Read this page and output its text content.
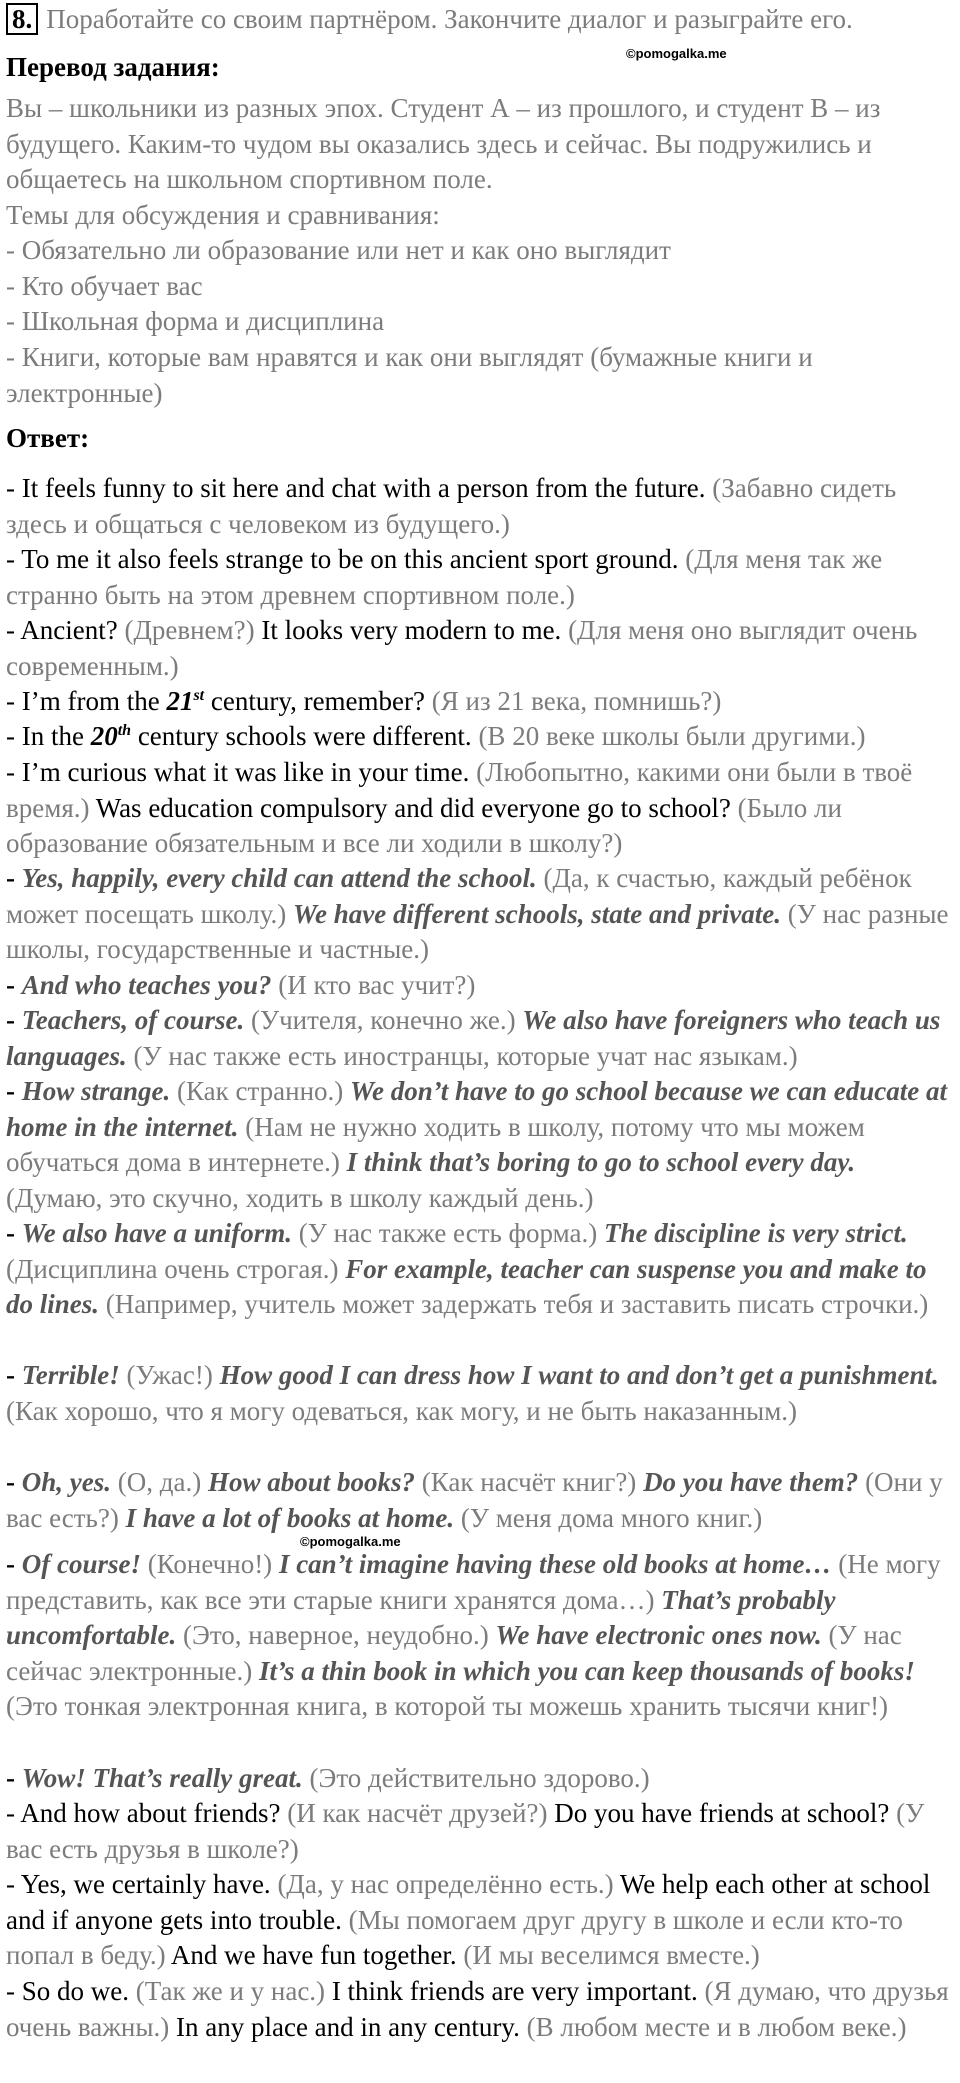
8. Поработайте со своим партнёром. Закончите диалог и разыграйте его.

©pomogalka.me

Перевод задания:

Вы – школьники из разных эпох. Студент А – из прошлого, и студент В – из будущего. Каким-то чудом вы оказались здесь и сейчас. Вы подружились и общаетесь на школьном спортивном поле.

Темы для обсуждения и сравнивания:

- Обязательно ли образование или нет и как оно выглядит

- Кто обучает вас

- Школьная форма и дисциплина

- Книги, которые вам нравятся и как они выглядят (бумажные книги и электронные)

Ответ:

- It feels funny to sit here and chat with a person from the future. (Забавно сидеть здесь и общаться с человеком из будущего.)

- To me it also feels strange to be on this ancient sport ground. (Для меня так же странно быть на этом древнем спортивном поле.)

- Ancient? (Древнем?) It looks very modern to me. (Для меня оно выглядит очень современным.)

- I’m from the 21st century, remember? (Я из 21 века, помнишь?)

- In the 20th century schools were different. (В 20 веке школы были другими.)

- I’m curious what it was like in your time. (Любопытно, какими они были в твоё время.) Was education compulsory and did everyone go to school? (Было ли образование обязательным и все ли ходили в школу?)

- Yes, happily, every child can attend the school. (Да, к счастью, каждый ребёнок может посещать школу.) We have different schools, state and private. (У нас разные школы, государственные и частные.)

- And who teaches you? (И кто вас учит?)

- Teachers, of course. (Учителя, конечно же.) We also have foreigners who teach us languages. (У нас также есть иностранцы, которые учат нас языкам.)

- How strange. (Как странно.) We don’t have to go school because we can educate at home in the internet. (Нам не нужно ходить в школу, потому что мы можем обучаться дома в интернете.) I think that’s boring to go to school every day. (Думаю, это скучно, ходить в школу каждый день.)

- We also have a uniform. (У нас также есть форма.) The discipline is very strict. (Дисциплина очень строгая.) For example, teacher can suspense you and make to do lines. (Например, учитель может задержать тебя и заставить писать строчки.)

- Terrible! (Ужас!) How good I can dress how I want to and don’t get a punishment. (Как хорошо, что я могу одеваться, как могу, и не быть наказанным.)

- Oh, yes. (О, да.) How about books? (Как насчёт книг?) Do you have them? (Они у вас есть?) I have a lot of books at home. (У меня дома много книг.)

©pomogalka.me

- Of course! (Конечно!) I can’t imagine having these old books at home… (Не могу представить, как все эти старые книги хранятся дома…) That’s probably uncomfortable. (Это, наверное, неудобно.) We have electronic ones now. (У нас сейчас электронные.) It’s a thin book in which you can keep thousands of books! (Это тонкая электронная книга, в которой ты можешь хранить тысячи книг!)

- Wow! That’s really great. (Это действительно здорово.)

- And how about friends? (И как насчёт друзей?) Do you have friends at school? (У вас есть друзья в школе?)

- Yes, we certainly have. (Да, у нас определённо есть.) We help each other at school and if anyone gets into trouble. (Мы помогаем друг другу в школе и если кто-то попал в беду.) And we have fun together. (И мы веселимся вместе.)

- So do we. (Так же и у нас.) I think friends are very important. (Я думаю, что друзья очень важны.) In any place and in any century. (В любом месте и в любом веке.)
